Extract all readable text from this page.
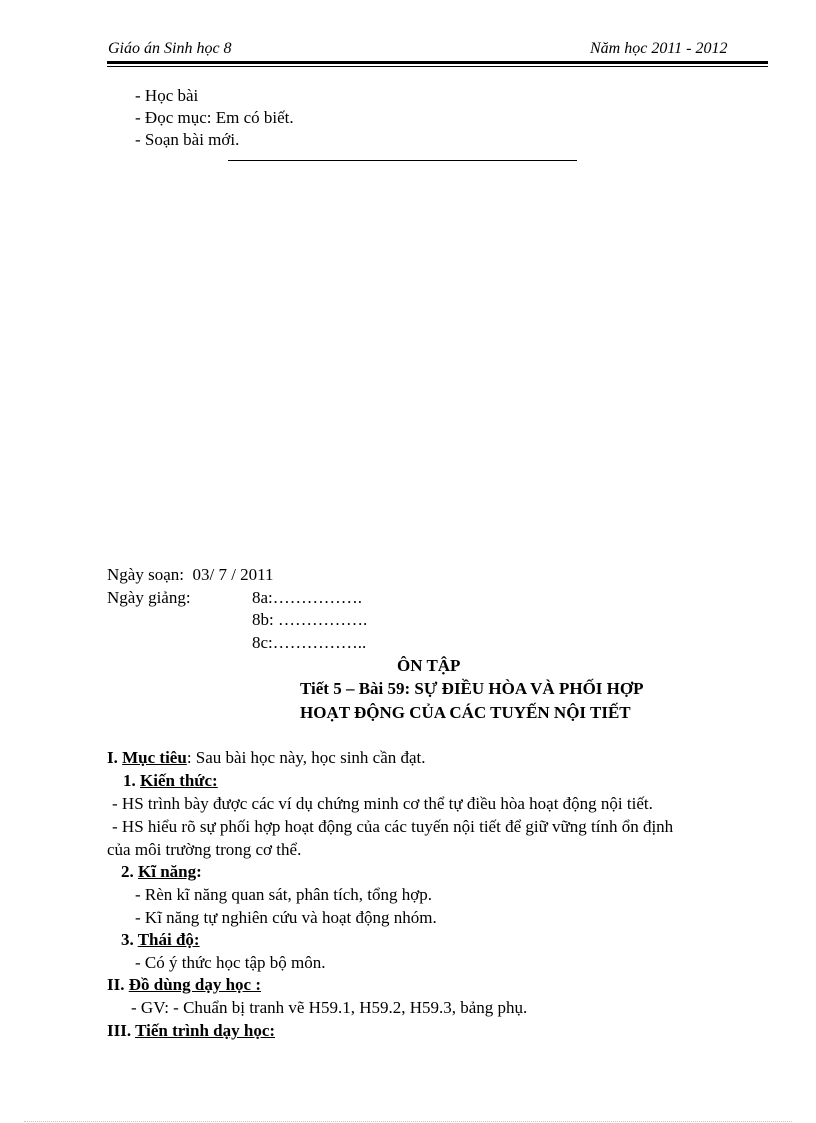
Giáo án Sinh học 8	Năm học 2011 - 2012
- Học bài
- Đọc mục: Em có biết.
- Soạn bài mới.
Ngày soạn: 03/ 7 / 2011
Ngày giảng:	8a:…………….
8b: …………….
8c:……………..
ÔN TẬP
Tiết 5 – Bài 59: SỰ ĐIỀU HÒA VÀ PHỐI HỢP
HOẠT ĐỘNG CỦA CÁC TUYẾN NỘI TIẾT
I. Mục tiêu: Sau bài học này, học sinh cần đạt.
1. Kiến thức:
- HS trình bày được các ví dụ chứng minh cơ thể tự điều hòa hoạt động nội tiết.
- HS hiểu rõ sự phối hợp hoạt động của các tuyến nội tiết để giữ vững tính ổn định
của môi trường trong cơ thể.
2. Kĩ năng:
- Rèn kĩ năng quan sát, phân tích, tổng hợp.
- Kĩ năng tự nghiên cứu và hoạt động nhóm.
3. Thái độ:
- Có ý thức học tập bộ môn.
II. Đồ dùng dạy học :
- GV: - Chuẩn bị tranh vẽ H59.1, H59.2, H59.3, bảng phụ.
III. Tiến trình dạy học:
